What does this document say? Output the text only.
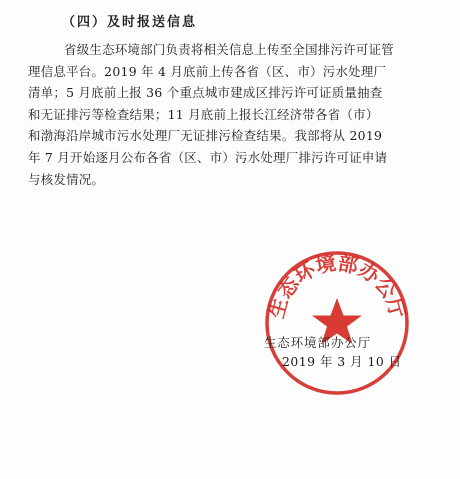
（四）及时报送信息
省级生态环境部门负责将相关信息上传至全国排污许可证管
理信息平台。2019 年 4 月底前上传各省（区、市）污水处理厂
清单；5 月底前上报 36 个重点城市建成区排污许可证质量抽查
和无证排污等检查结果；11 月底前上报长江经济带各省（市）
和渤海沿岸城市污水处理厂无证排污检查结果。我部将从 2019
年 7 月开始逐月公布各省（区、市）污水处理厂排污许可证申请
与核发情况。
生态环境部办公厅
生态环境部办公厅
2019 年 3 月 10 日
